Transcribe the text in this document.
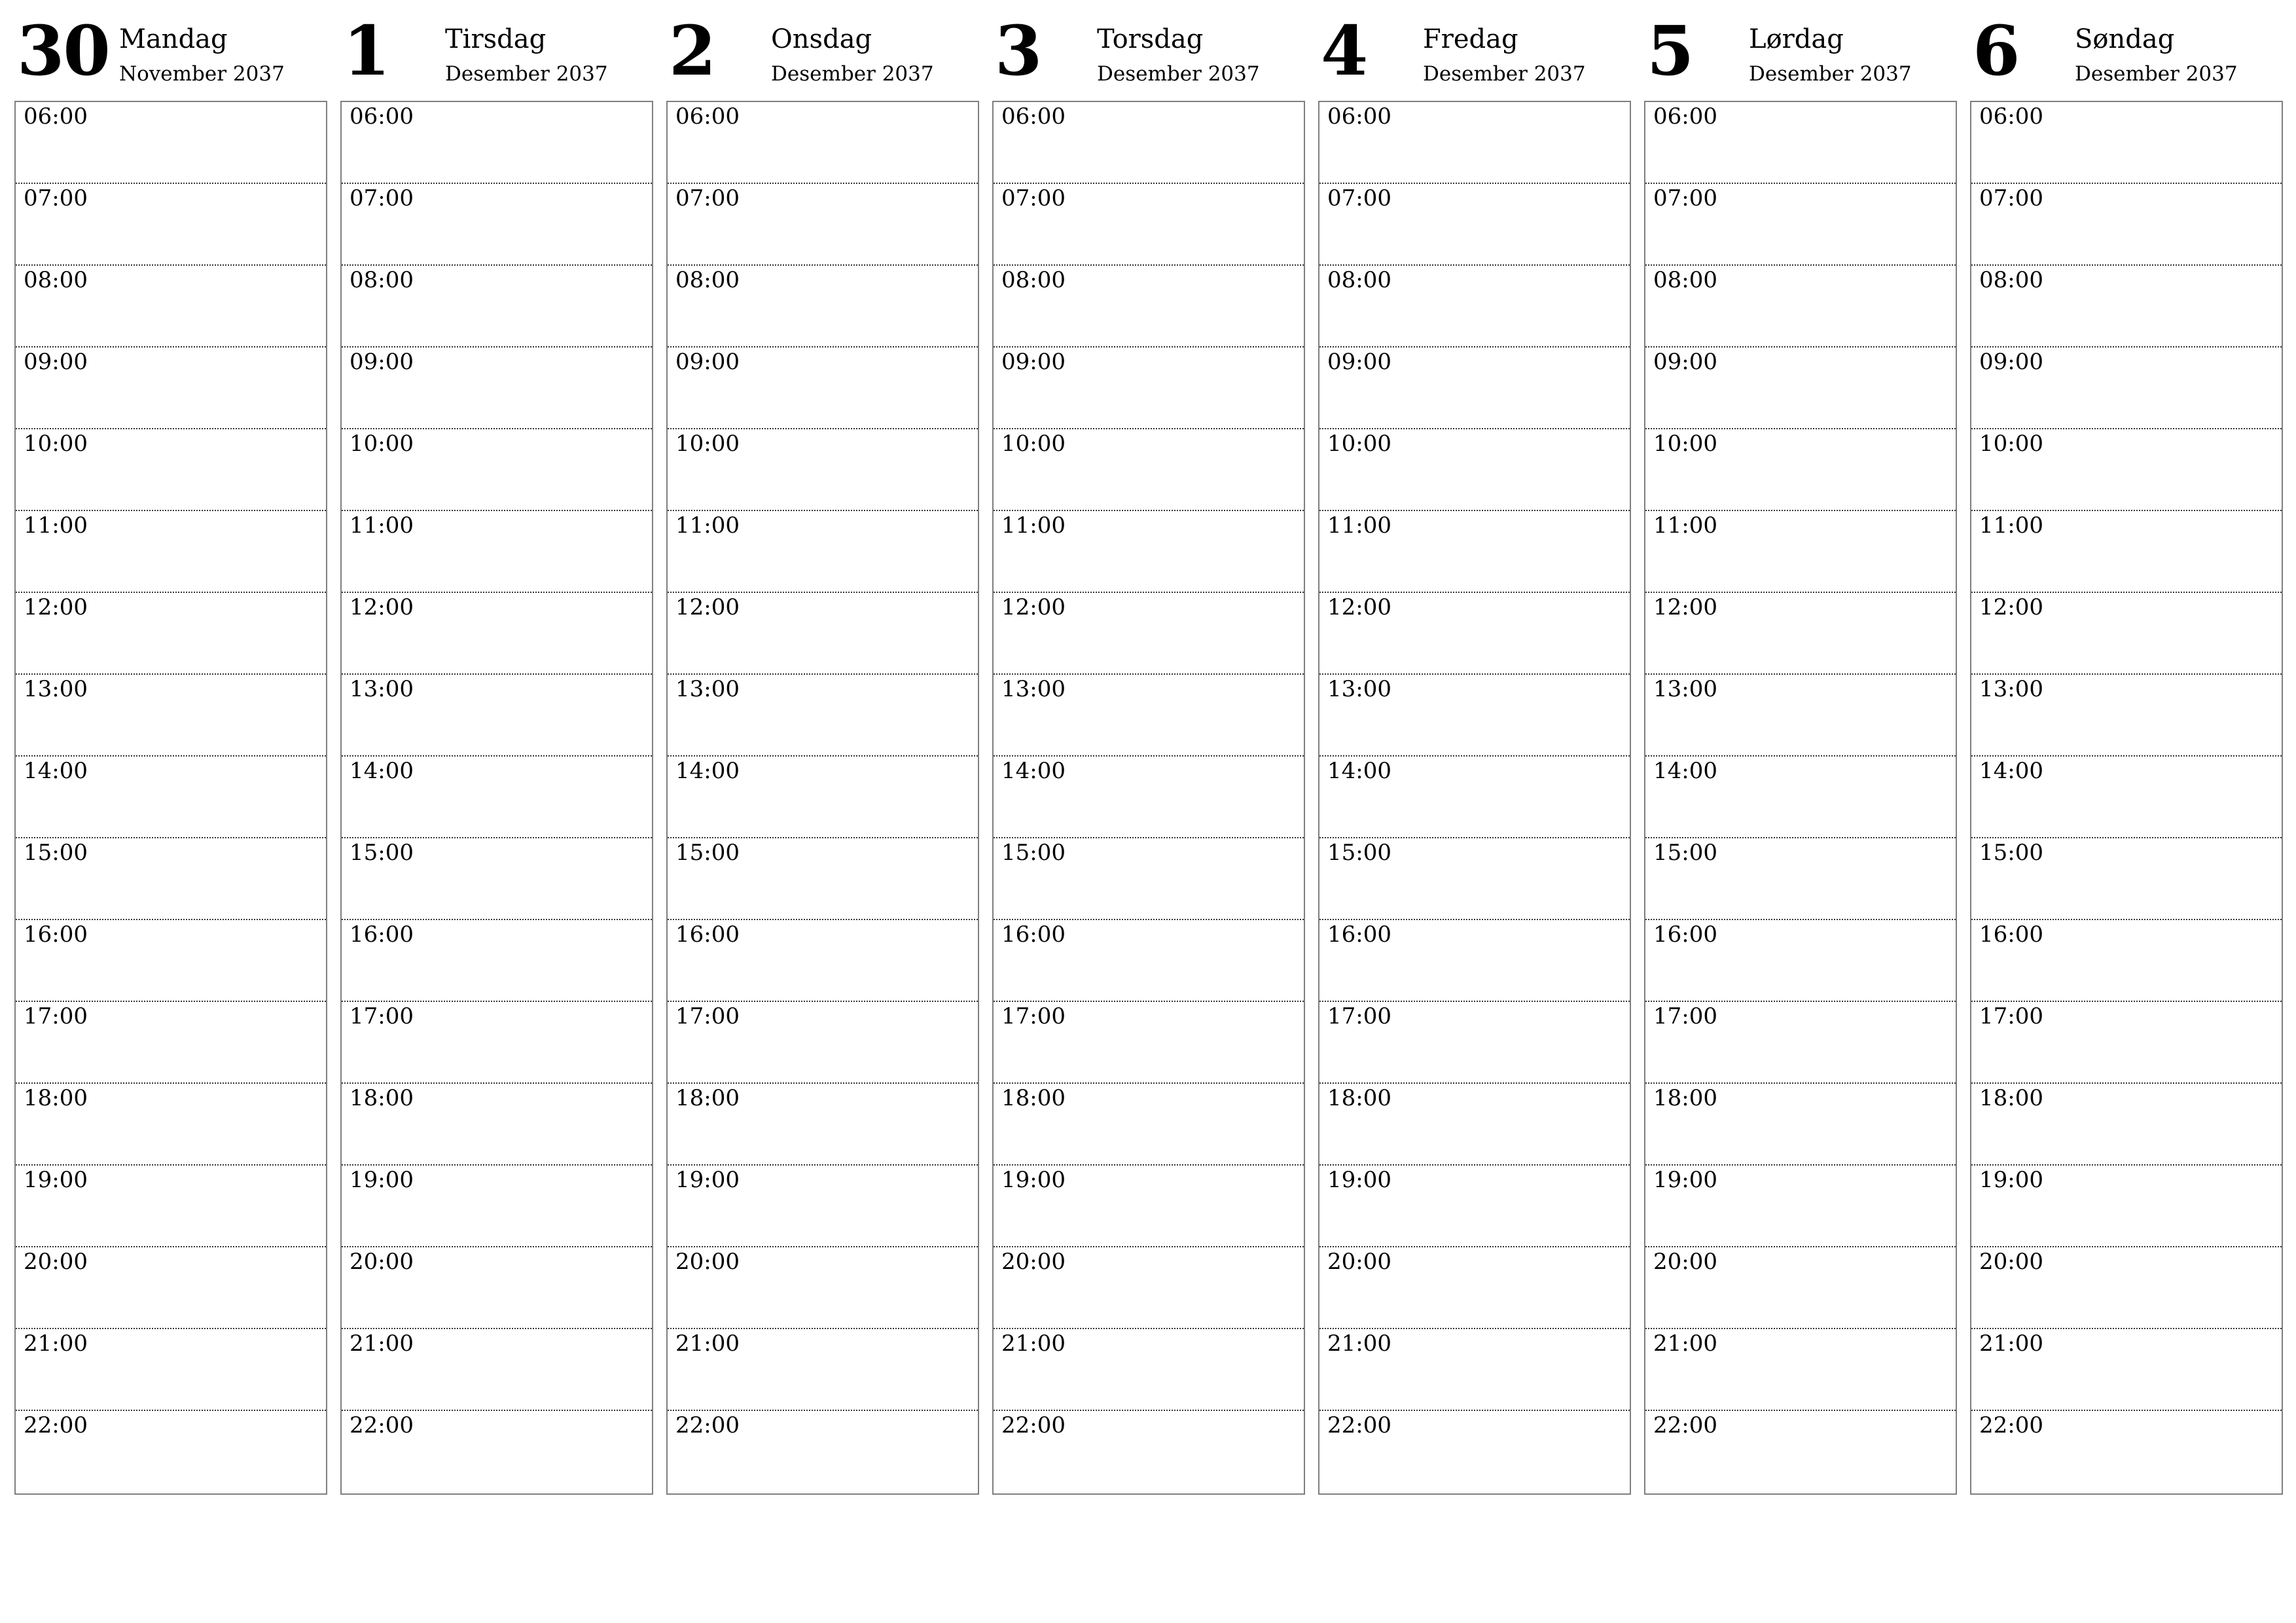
30 Mandag
November 2037
06:00
07:00
08:00
09:00
10:00
11:00
12:00
13:00
14:00
15:00
16:00
17:00
18:00
19:00
20:00
21:00
22:00
1 Tirsdag
Desember 2037
06:00
07:00
08:00
09:00
10:00
11:00
12:00
13:00
14:00
15:00
16:00
17:00
18:00
19:00
20:00
21:00
22:00
2 Onsdag
Desember 2037
06:00
07:00
08:00
09:00
10:00
11:00
12:00
13:00
14:00
15:00
16:00
17:00
18:00
19:00
20:00
21:00
22:00
3 Torsdag
Desember 2037
06:00
07:00
08:00
09:00
10:00
11:00
12:00
13:00
14:00
15:00
16:00
17:00
18:00
19:00
20:00
21:00
22:00
4 Fredag
Desember 2037
06:00
07:00
08:00
09:00
10:00
11:00
12:00
13:00
14:00
15:00
16:00
17:00
18:00
19:00
20:00
21:00
22:00
5 Lørdag
Desember 2037
06:00
07:00
08:00
09:00
10:00
11:00
12:00
13:00
14:00
15:00
16:00
17:00
18:00
19:00
20:00
21:00
22:00
6 Søndag
Desember 2037
06:00
07:00
08:00
09:00
10:00
11:00
12:00
13:00
14:00
15:00
16:00
17:00
18:00
19:00
20:00
21:00
22:00
